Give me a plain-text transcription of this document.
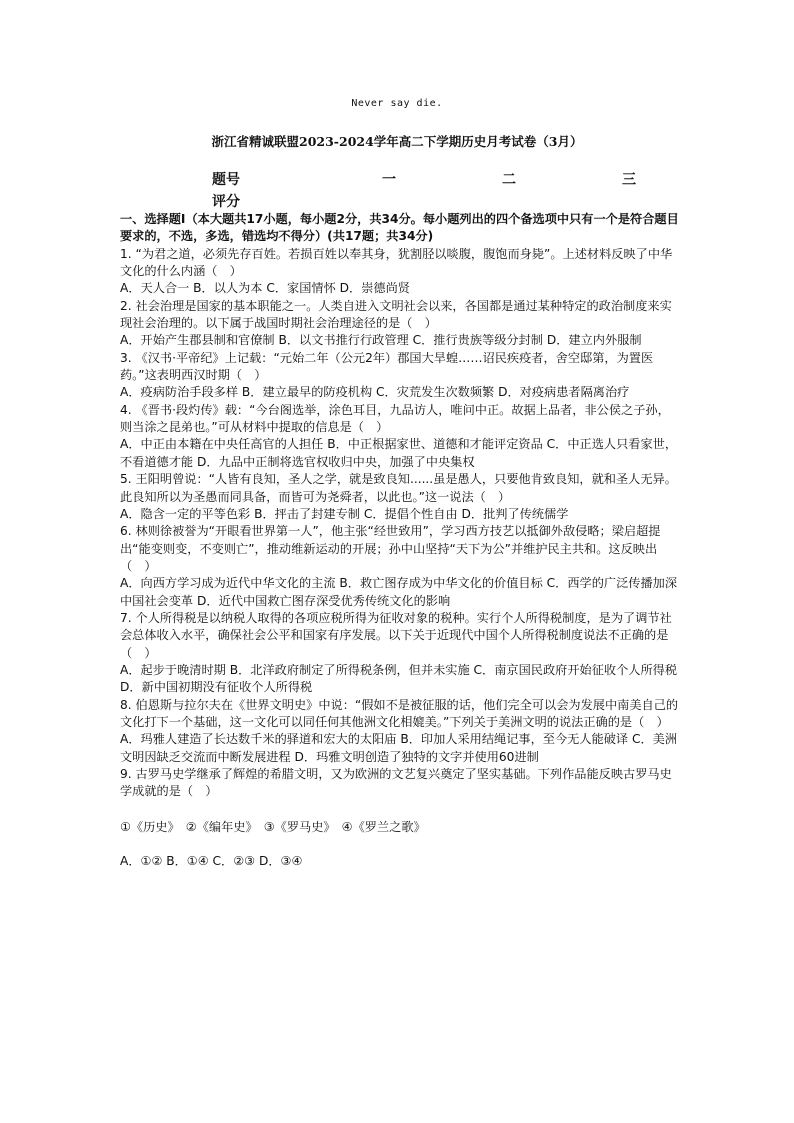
Never say die.
浙江省精诚联盟2023-2024学年高二下学期历史月考试卷（3月）
题号	一	二	三
评分

一、选择题Ⅰ（本大题共17小题，每小题2分，共34分。每小题列出的四个备选项中只有一个是符合题目要求的，不选，多选，错选均不得分）(共17题；共34分)

1. “为君之道，必须先存百姓。若损百姓以奉其身，犹割胫以啖腹，腹饱而身毙”。上述材料反映了中华文化的什么内涵（　）

A．天人合一 B．以人为本 C．家国情怀 D．崇德尚贤

2. 社会治理是国家的基本职能之一。人类自进入文明社会以来，各国都是通过某种特定的政治制度来实现社会治理的。以下属于战国时期社会治理途径的是（　）

A．开始产生郡县制和官僚制 B．以文书推行行政管理 C．推行贵族等级分封制 D．建立内外服制

3. 《汉书·平帝纪》上记载：“元始二年（公元2年）郡国大旱蝗……诏民疾疫者，舍空邸第，为置医药。”这表明西汉时期（　）

A．疫病防治手段多样 B．建立最早的防疫机构 C．灾荒发生次数频繁 D．对疫病患者隔离治疗

4. 《晋书·段灼传》载：“今台阁选举，涂色耳目，九品访人，唯问中正。故据上品者，非公侯之子孙，则当涂之昆弟也。”可从材料中提取的信息是（　）

A．中正由本籍在中央任高官的人担任 B．中正根据家世、道德和才能评定资品 C．中正选人只看家世，不看道德才能 D．九品中正制将选官权收归中央，加强了中央集权

5. 王阳明曾说：“人皆有良知，圣人之学，就是致良知......虽是愚人，只要他肯致良知，就和圣人无异。此良知所以为圣愚而同具备，而皆可为尧舜者，以此也。”这一说法（　）

A．隐含一定的平等色彩 B．抨击了封建专制 C．提倡个性自由 D．批判了传统儒学

6. 林则徐被誉为“开眼看世界第一人”，他主张“经世致用”，学习西方技艺以抵御外敌侵略；梁启超提出“能变则变，不变则亡”，推动维新运动的开展；孙中山坚持“天下为公”并维护民主共和。这反映出（　）

A．向西方学习成为近代中华文化的主流 B．救亡图存成为中华文化的价值目标 C．西学的广泛传播加深中国社会变革 D．近代中国救亡图存深受优秀传统文化的影响

7. 个人所得税是以纳税人取得的各项应税所得为征收对象的税种。实行个人所得税制度，是为了调节社会总体收入水平，确保社会公平和国家有序发展。以下关于近现代中国个人所得税制度说法不正确的是（　）

A．起步于晚清时期 B．北洋政府制定了所得税条例，但并未实施 C．南京国民政府开始征收个人所得税 D．新中国初期没有征收个人所得税

8. 伯恩斯与拉尔夫在《世界文明史》中说：“假如不是被征服的话，他们完全可以会为发展中南美自己的文化打下一个基础，这一文化可以同任何其他洲文化相媲美。”下列关于美洲文明的说法正确的是（　）

A．玛雅人建造了长达数千米的驿道和宏大的太阳庙 B．印加人采用结绳记事，至今无人能破译 C．美洲文明因缺乏交流而中断发展进程 D．玛雅文明创造了独特的文字并使用60进制

9. 古罗马史学继承了辉煌的希腊文明，又为欧洲的文艺复兴奠定了坚实基础。下列作品能反映古罗马史学成就的是（　）

①《历史》　②《编年史》　③《罗马史》　④《罗兰之歌》

A．①② B．①④ C．②③ D．③④
